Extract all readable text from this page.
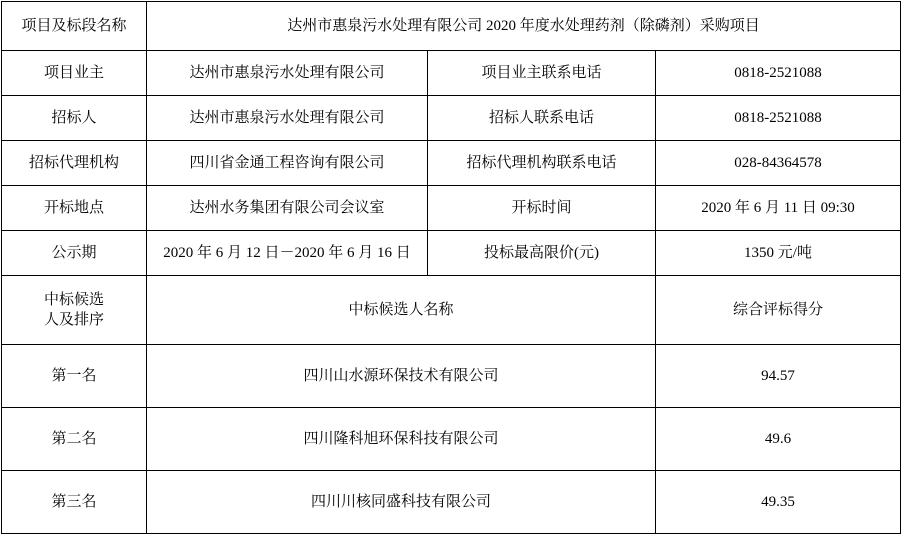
项目及标段名称	达州市惠泉污水处理有限公司 2020 年度水处理药剂（除磷剂）采购项目		
项目业主	达州市惠泉污水处理有限公司	项目业主联系电话	0818-2521088
招标人	达州市惠泉污水处理有限公司	招标人联系电话	0818-2521088
招标代理机构	四川省金通工程咨询有限公司	招标代理机构联系电话	028-84364578
开标地点	达州水务集团有限公司会议室	开标时间	2020 年 6 月 11 日 09:30
公示期	2020 年 6 月 12 日－2020 年 6 月 16 日	投标最高限价(元)	1350 元/吨

中标候选
人及排序	中标候选人名称		综合评标得分
第一名	四川山水源环保技术有限公司		94.57
第二名	四川隆科旭环保科技有限公司		49.6
第三名	四川川核同盛科技有限公司		49.35
